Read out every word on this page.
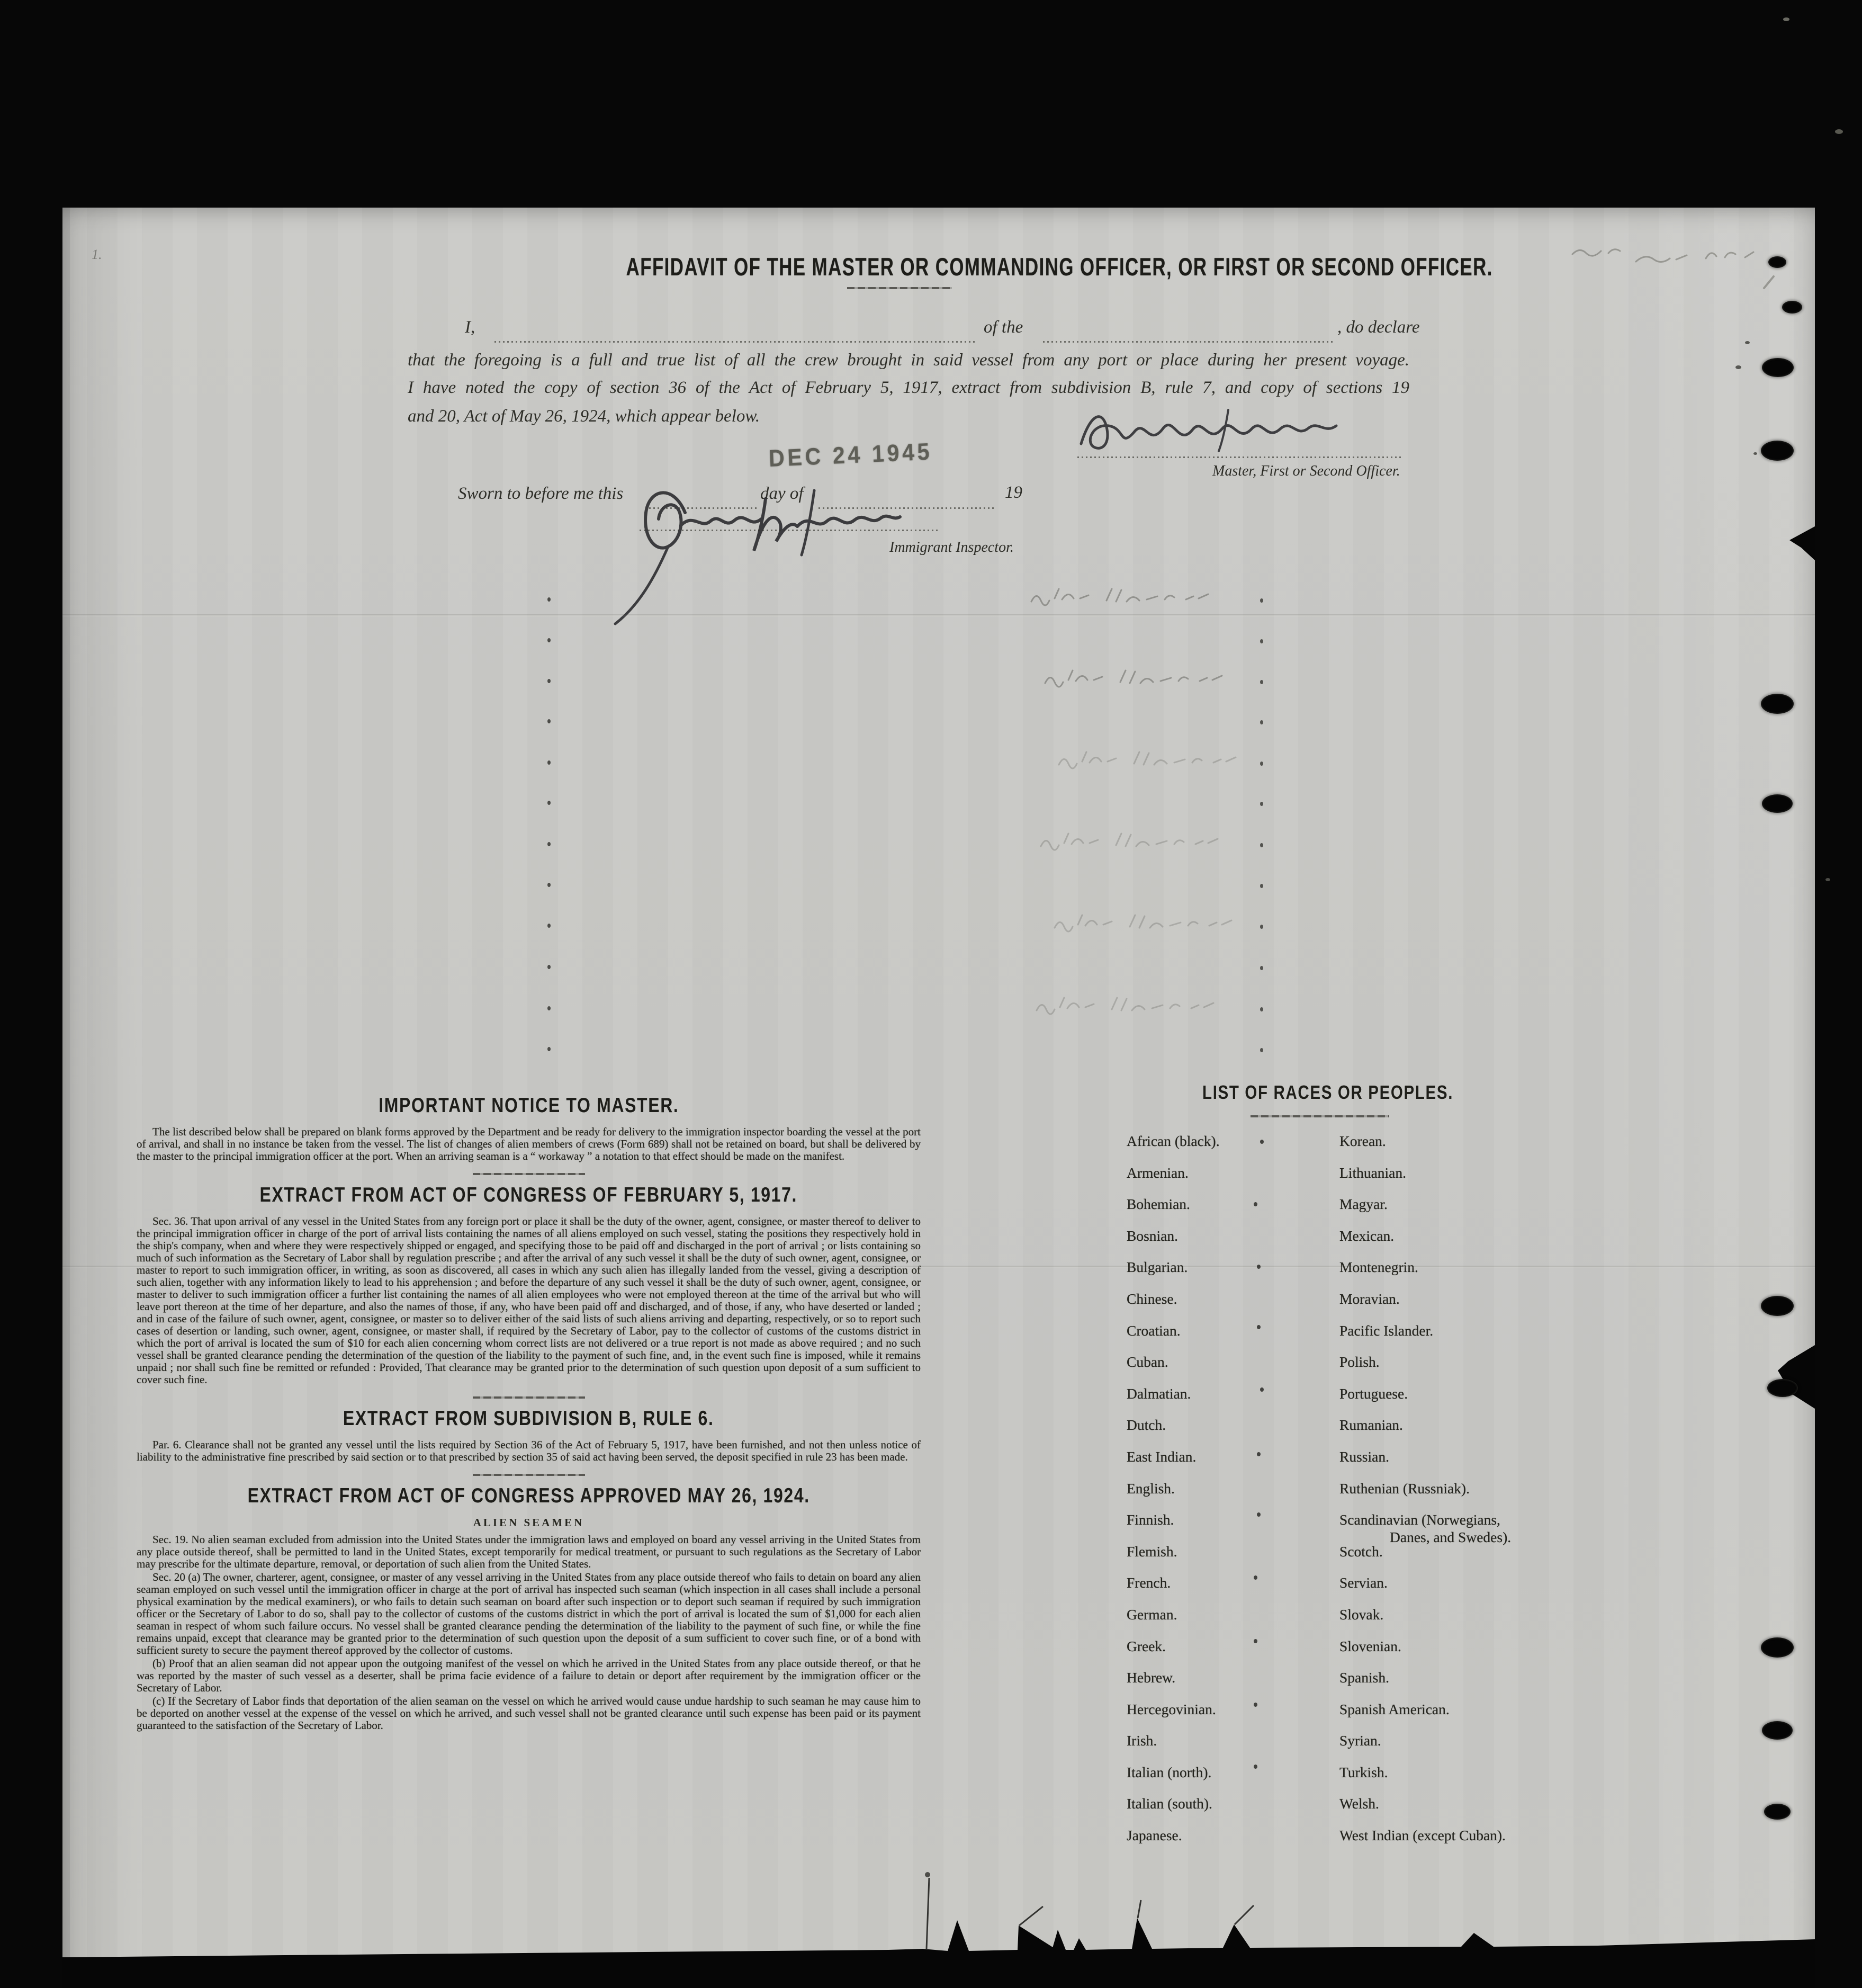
1.	AFFIDAVIT OF THE MASTER OR COMMANDING OFFICER, OR FIRST OR SECOND OFFICER.
I,	of the	, do declare
that the foregoing is a full and true list of all the crew brought in said vessel from any port or place during her present voyage.
I have noted the copy of section 36 of the Act of February 5, 1917, extract from subdivision B, rule 7, and copy of sections 19
and 20, Act of May 26, 1924, which appear below.
DEC 24 1945	Master, First or Second Officer.
Sworn to before me this	day of	19
Immigrant Inspector.
IMPORTANT NOTICE TO MASTER.

The list described below shall be prepared on blank forms approved by the Department and be ready for delivery to the immigration inspector boarding the vessel at the port of arrival, and shall in no instance be taken from the vessel. The list of changes of alien members of crews (Form 689) shall not be retained on board, but shall be delivered by the master to the principal immigration officer at the port. When an arriving seaman is a “ workaway ” a notation to that effect should be made on the manifest.

EXTRACT FROM ACT OF CONGRESS OF FEBRUARY 5, 1917.

Sec. 36. That upon arrival of any vessel in the United States from any foreign port or place it shall be the duty of the owner, agent, consignee, or master thereof to deliver to the principal immigration officer in charge of the port of arrival lists containing the names of all aliens employed on such vessel, stating the positions they respectively hold in the ship's company, when and where they were respectively shipped or engaged, and specifying those to be paid off and discharged in the port of arrival ; or lists containing so much of such information as the Secretary of Labor shall by regulation prescribe ; and after the arrival of any such vessel it shall be the duty of such owner, agent, consignee, or master to report to such immigration officer, in writing, as soon as discovered, all cases in which any such alien has illegally landed from the vessel, giving a description of such alien, together with any information likely to lead to his apprehension ; and before the departure of any such vessel it shall be the duty of such owner, agent, consignee, or master to deliver to such immigration officer a further list containing the names of all alien employees who were not employed thereon at the time of the arrival but who will leave port thereon at the time of her departure, and also the names of those, if any, who have been paid off and discharged, and of those, if any, who have deserted or landed ; and in case of the failure of such owner, agent, consignee, or master so to deliver either of the said lists of such aliens arriving and departing, respectively, or so to report such cases of desertion or landing, such owner, agent, consignee, or master shall, if required by the Secretary of Labor, pay to the collector of customs of the customs district in which the port of arrival is located the sum of $10 for each alien concerning whom correct lists are not delivered or a true report is not made as above required ; and no such vessel shall be granted clearance pending the determination of the question of the liability to the payment of such fine, and, in the event such fine is imposed, while it remains unpaid ; nor shall such fine be remitted or refunded : Provided, That clearance may be granted prior to the determination of such question upon deposit of a sum sufficient to cover such fine.

EXTRACT FROM SUBDIVISION B, RULE 6.

Par. 6. Clearance shall not be granted any vessel until the lists required by Section 36 of the Act of February 5, 1917, have been furnished, and not then unless notice of liability to the administrative fine prescribed by said section or to that prescribed by section 35 of said act having been served, the deposit specified in rule 23 has been made.

EXTRACT FROM ACT OF CONGRESS APPROVED MAY 26, 1924.
ALIEN SEAMEN

Sec. 19. No alien seaman excluded from admission into the United States under the immigration laws and employed on board any vessel arriving in the United States from any place outside thereof, shall be permitted to land in the United States, except temporarily for medical treatment, or pursuant to such regulations as the Secretary of Labor may prescribe for the ultimate departure, removal, or deportation of such alien from the United States.

Sec. 20 (a) The owner, charterer, agent, consignee, or master of any vessel arriving in the United States from any place outside thereof who fails to detain on board any alien seaman employed on such vessel until the immigration officer in charge at the port of arrival has inspected such seaman (which inspection in all cases shall include a personal physical examination by the medical examiners), or who fails to detain such seaman on board after such inspection or to deport such seaman if required by such immigration officer or the Secretary of Labor to do so, shall pay to the collector of customs of the customs district in which the port of arrival is located the sum of $1,000 for each alien seaman in respect of whom such failure occurs. No vessel shall be granted clearance pending the determination of the liability to the payment of such fine, or while the fine remains unpaid, except that clearance may be granted prior to the determination of such question upon the deposit of a sum sufficient to cover such fine, or of a bond with sufficient surety to secure the payment thereof approved by the collector of customs.

(b) Proof that an alien seaman did not appear upon the outgoing manifest of the vessel on which he arrived in the United States from any place outside thereof, or that he was reported by the master of such vessel as a deserter, shall be prima facie evidence of a failure to detain or deport after requirement by the immigration officer or the Secretary of Labor.

(c) If the Secretary of Labor finds that deportation of the alien seaman on the vessel on which he arrived would cause undue hardship to such seaman he may cause him to be deported on another vessel at the expense of the vessel on which he arrived, and such vessel shall not be granted clearance until such expense has been paid or its payment guaranteed to the satisfaction of the Secretary of Labor.

LIST OF RACES OR PEOPLES.
African (black).	Korean.
Armenian.	Lithuanian.
Bohemian.	Magyar.
Bosnian.	Mexican.
Bulgarian.	Montenegrin.
Chinese.	Moravian.
Croatian.	Pacific Islander.
Cuban.	Polish.
Dalmatian.	Portuguese.
Dutch.	Rumanian.
East Indian.	Russian.
English.	Ruthenian (Russniak).
Finnish.	Scandinavian (Norwegians,
Danes, and Swedes).
Flemish.	Scotch.
French.	Servian.
German.	Slovak.
Greek.	Slovenian.
Hebrew.	Spanish.
Hercegovinian.	Spanish American.
Irish.	Syrian.
Italian (north).	Turkish.
Italian (south).	Welsh.
Japanese.	West Indian (except Cuban).
